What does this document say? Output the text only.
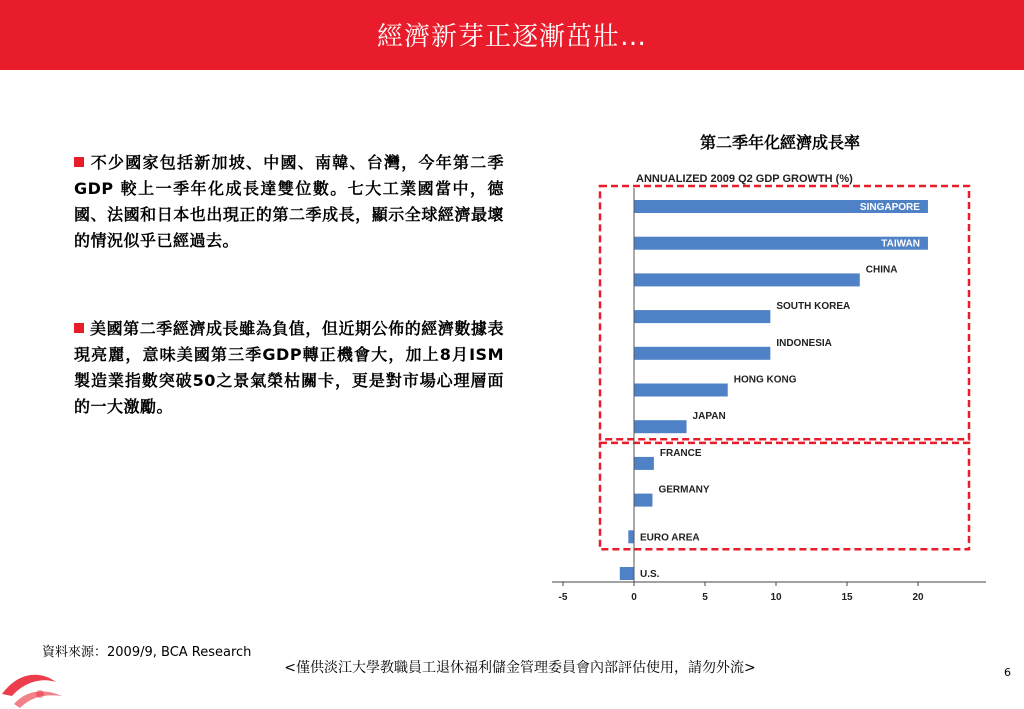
經濟新芽正逐漸茁壯…
不少國家包括新加坡、中國、南韓、台灣，今年第二季GDP 較上一季年化成長達雙位數。七大工業國當中，德國、法國和日本也出現正的第二季成長，顯示全球經濟最壞的情況似乎已經過去。
美國第二季經濟成長雖為負值，但近期公佈的經濟數據表現亮麗，意味美國第三季GDP轉正機會大，加上8月ISM製造業指數突破50之景氣榮枯關卡，更是對市場心理層面的一大激勵。
第二季年化經濟成長率
ANNUALIZED 2009 Q2 GDP GROWTH (%)
SINGAPORE
TAIWAN
CHINA
SOUTH KOREA
INDONESIA
HONG KONG
JAPAN
FRANCE
GERMANY
EURO AREA
U.S.
-5	0	5	10	15	20
資料來源：2009/9, BCA Research
<僅供淡江大學教職員工退休福利儲金管理委員會內部評估使用，請勿外流>	6
